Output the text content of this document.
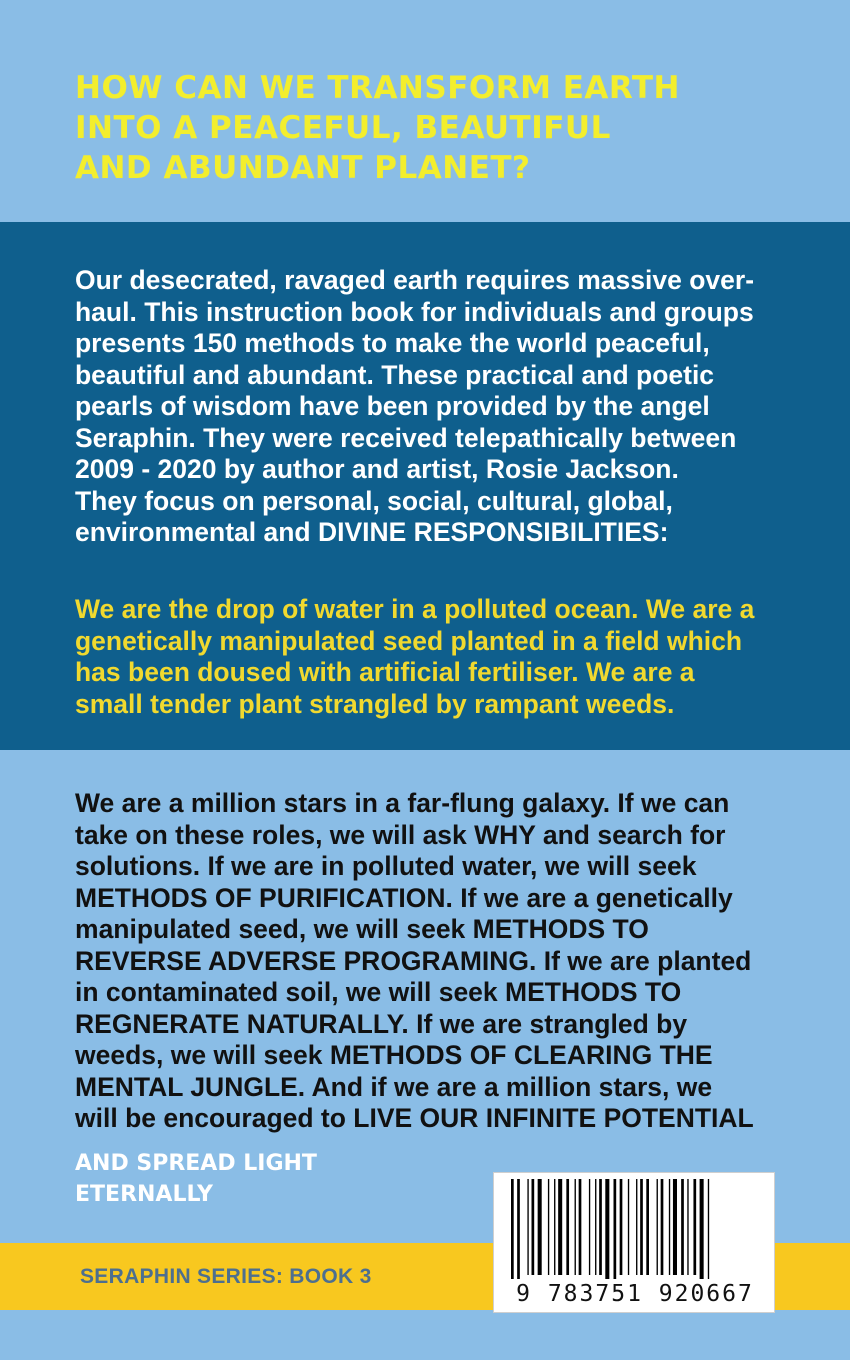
HOW CAN WE TRANSFORM EARTH
INTO A PEACEFUL, BEAUTIFUL
AND ABUNDANT PLANET?
Our desecrated, ravaged earth requires massive over-
haul. This instruction book for individuals and groups
presents 150 methods to make the world peaceful,
beautiful and abundant. These practical and poetic
pearls of wisdom have been provided by the angel
Seraphin. They were received telepathically between
2009 - 2020 by author and artist, Rosie Jackson.
They focus on personal, social, cultural, global,
environmental and DIVINE RESPONSIBILITIES:
We are the drop of water in a polluted ocean. We are a
genetically manipulated seed planted in a field which
has been doused with artificial fertiliser. We are a
small tender plant strangled by rampant weeds.
We are a million stars in a far-flung galaxy. If we can
take on these roles, we will ask WHY and search for
solutions. If we are in polluted water, we will seek
METHODS OF PURIFICATION. If we are a genetically
manipulated seed, we will seek METHODS TO
REVERSE ADVERSE PROGRAMING. If we are planted
in contaminated soil, we will seek METHODS TO
REGNERATE NATURALLY. If we are strangled by
weeds, we will seek METHODS OF CLEARING THE
MENTAL JUNGLE. And if we are a million stars, we
will be encouraged to LIVE OUR INFINITE POTENTIAL
AND SPREAD LIGHT
ETERNALLY
SERAPHIN SERIES: BOOK 3
9 783751 920667
